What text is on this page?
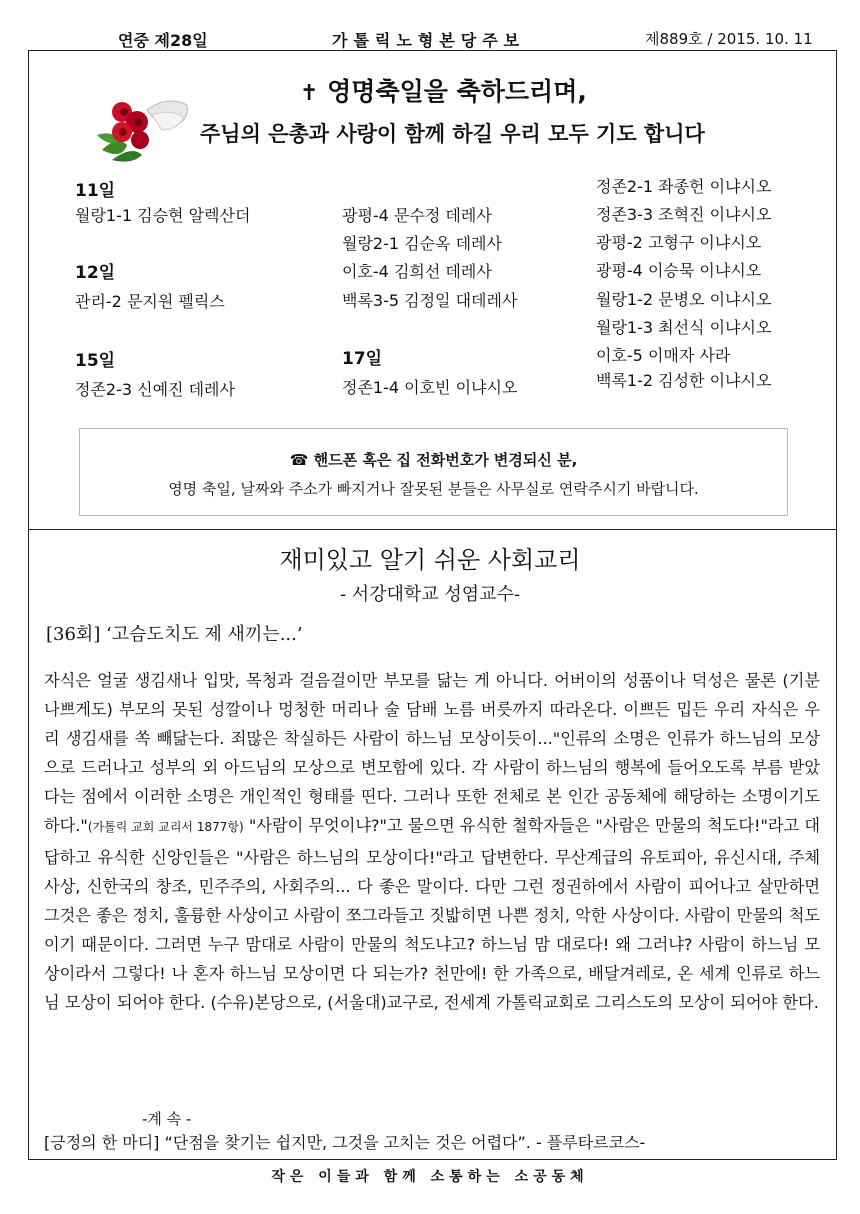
연중 제28일	가톨릭노형본당주보	제889호 / 2015. 10. 11
✝ 영명축일을 축하드리며,
주님의 은총과 사랑이 함께 하길 우리 모두 기도 합니다
11일
월랑1-1 김승현 알렉산더
12일
관리-2 문지원 펠릭스
15일
정존2-3 신예진 데레사
광평-4 문수정 데레사
월랑2-1 김순옥 데레사
이호-4 김희선 데레사
백록3-5 김정일 대데레사
17일
정존1-4 이호빈 이냐시오
정존2-1 좌종헌 이냐시오
정존3-3 조혁진 이냐시오
광평-2 고형구 이냐시오
광평-4 이승묵 이냐시오
월랑1-2 문병오 이냐시오
월랑1-3 최선식 이냐시오
이호-5 이매자 사라
백록1-2 김성한 이냐시오
☎ 핸드폰 혹은 집 전화번호가 변경되신 분,
영명 축일, 날짜와 주소가 빠지거나 잘못된 분들은 사무실로 연락주시기 바랍니다.
재미있고 알기 쉬운 사회교리
- 서강대학교 성염교수-
[36회] ‘고슴도치도 제 새끼는...’
자식은 얼굴 생김새나 입맛, 목청과 걸음걸이만 부모를 닮는 게 아니다. 어버이의 성품이나 덕성은 물론 (기분 나쁘게도) 부모의 못된 성깔이나 멍청한 머리나 술 담배 노름 버릇까지 따라온다. 이쁘든 밉든 우리 자식은 우리 생김새를 쏙 빼닮는다. 죄많은 착실하든 사람이 하느님 모상이듯이..."인류의 소명은 인류가 하느님의 모상으로 드러나고 성부의 외 아드님의 모상으로 변모함에 있다. 각 사람이 하느님의 행복에 들어오도록 부름 받았다는 점에서 이러한 소명은 개인적인 형태를 띤다. 그러나 또한 전체로 본 인간 공동체에 해당하는 소명이기도 하다."(가톨릭 교회 교리서 1877항) "사람이 무엇이냐?"고 물으면 유식한 철학자들은 "사람은 만물의 척도다!"라고 대답하고 유식한 신앙인들은 "사람은 하느님의 모상이다!"라고 답변한다. 무산계급의 유토피아, 유신시대, 주체사상, 신한국의 창조, 민주주의, 사회주의... 다 좋은 말이다. 다만 그런 정권하에서 사람이 피어나고 살만하면 그것은 좋은 정치, 훌륭한 사상이고 사람이 쪼그라들고 짓밟히면 나쁜 정치, 악한 사상이다. 사람이 만물의 척도이기 때문이다. 그러면 누구 맘대로 사람이 만물의 척도냐고? 하느님 맘 대로다! 왜 그러냐? 사람이 하느님 모상이라서 그렇다! 나 혼자 하느님 모상이면 다 되는가? 천만에! 한 가족으로, 배달겨레로, 온 세계 인류로 하느님 모상이 되어야 한다. (수유)본당으로, (서울대)교구로, 전세계 가톨릭교회로 그리스도의 모상이 되어야 한다.
-계 속 -
[긍정의 한 마디] “단점을 찾기는 쉽지만, 그것을 고치는 것은 어렵다”. - 플루타르코스-
작은 이들과 함께 소통하는 소공동체
